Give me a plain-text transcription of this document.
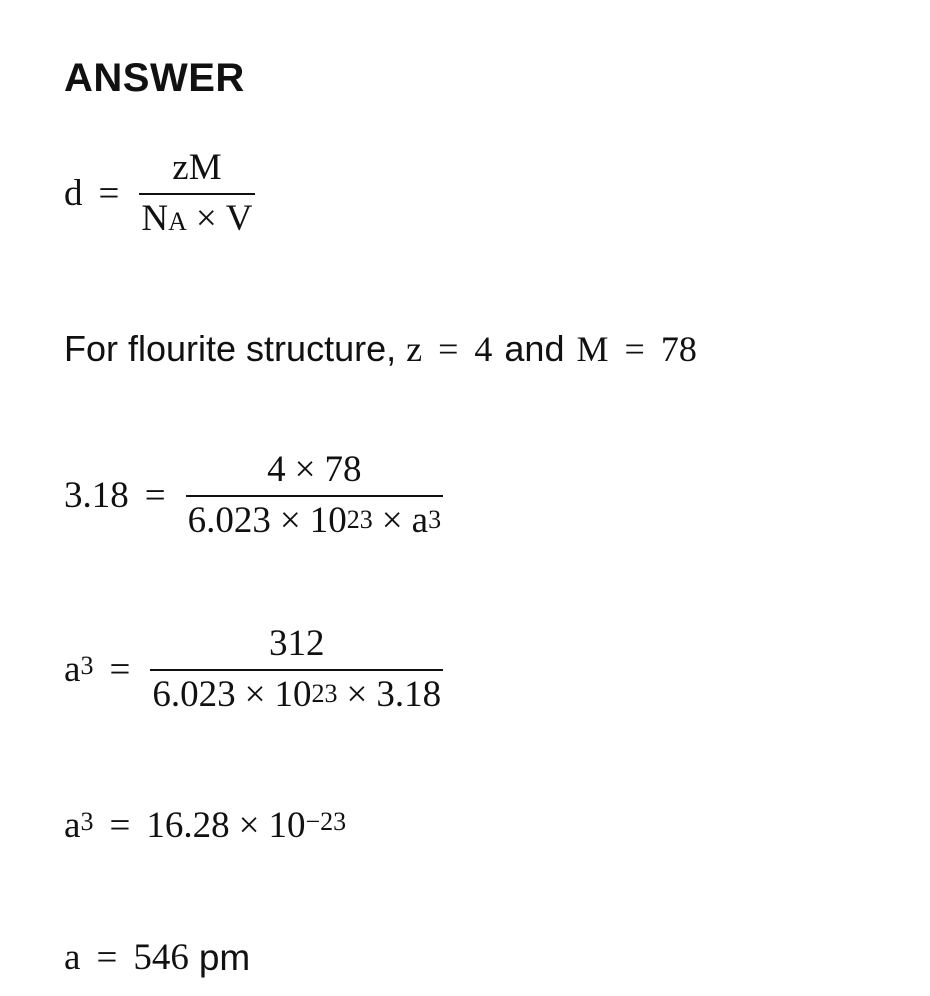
ANSWER
$d = \frac{zM}{\text{N A × V}}$
For flourite structure, z = 4 and M = 78
$3.18 = \frac{4 \times 78}{6.023 \times 10^{23} \times a^3}$
$a^3 = \frac{312}{6.023 \times 10^{23} \times 3.18}$
$a^3 = 16.28 \times 10^{-23}$
a = 546 pm
